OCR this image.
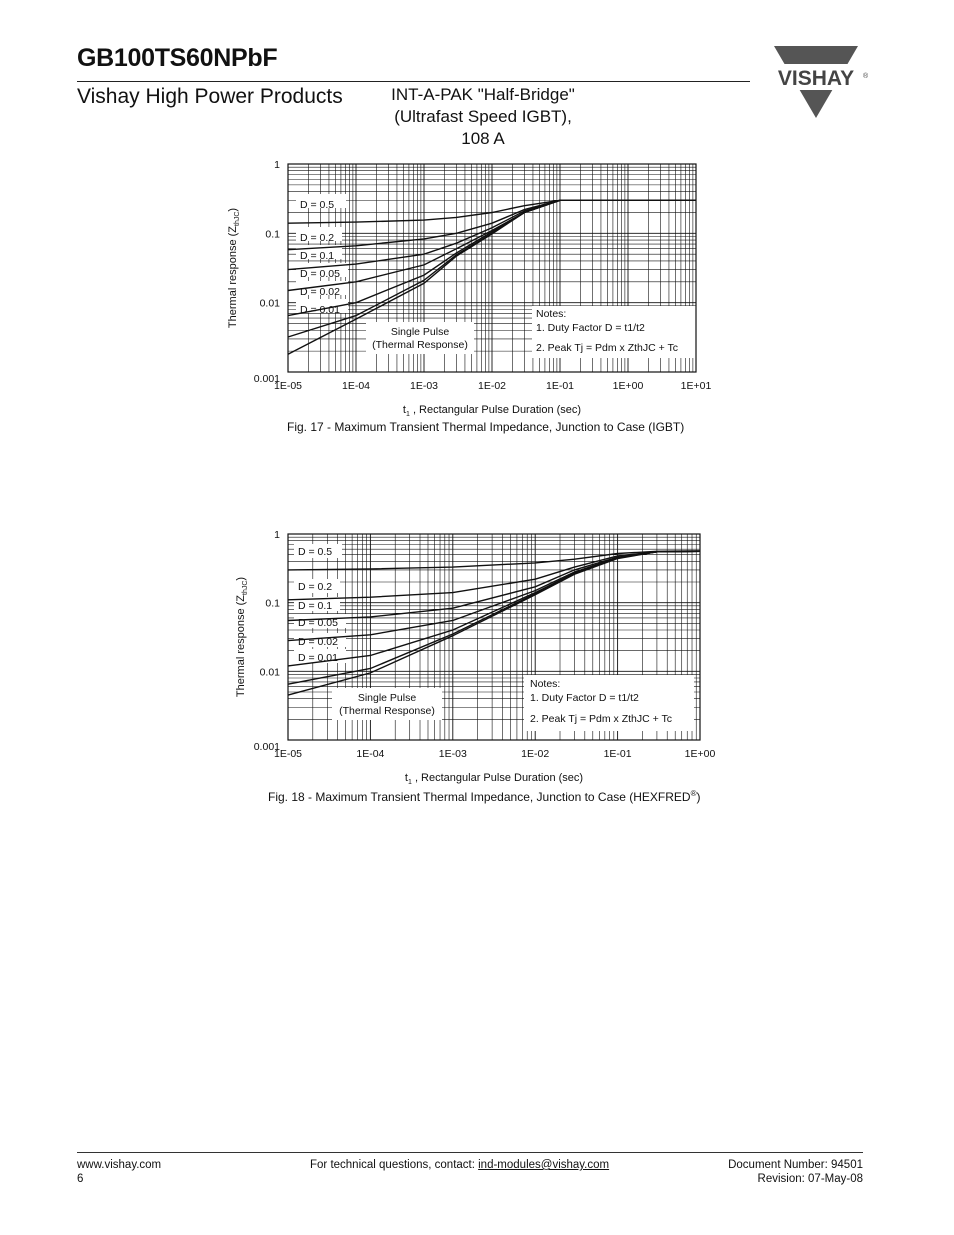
GB100TS60NPbF
Vishay High Power Products	INT-A-PAK "Half-Bridge"
(Ultrafast Speed IGBT),
108 A
VISHAY ®
D = 0.5
D = 0.2
D = 0.1
D = 0.05
D = 0.02
D = 0.01
Single Pulse
(Thermal Response)
Notes:
1. Duty Factor D = t1/t2
2. Peak Tj = Pdm x ZthJC + Tc
1E-05	1E-04	1E-03	1E-02	1E-01	1E+00	1E+01
0.001
0.01
0.1
1
$t_1$ , Rectangular Pulse Duration (sec)
Thermal response $(Z_{thJC})$
Fig. 17 - Maximum Transient Thermal Impedance, Junction to Case (IGBT)
D = 0.5
D = 0.2
D = 0.1
D = 0.05
D = 0.02
D = 0.01
Single Pulse
(Thermal Response)
Notes:
1. Duty Factor D = t1/t2
2. Peak Tj = Pdm x ZthJC + Tc
1E-05	1E-04	1E-03	1E-02	1E-01	1E+00
0.001
0.01
0.1
1
$t_1$ , Rectangular Pulse Duration (sec)
Thermal response $(Z_{thJC})$
Fig. 18 - Maximum Transient Thermal Impedance, Junction to Case (HEXFRED®)
www.vishay.com
6
For technical questions, contact: ind-modules@vishay.com	Document Number: 94501
Revision: 07-May-08
